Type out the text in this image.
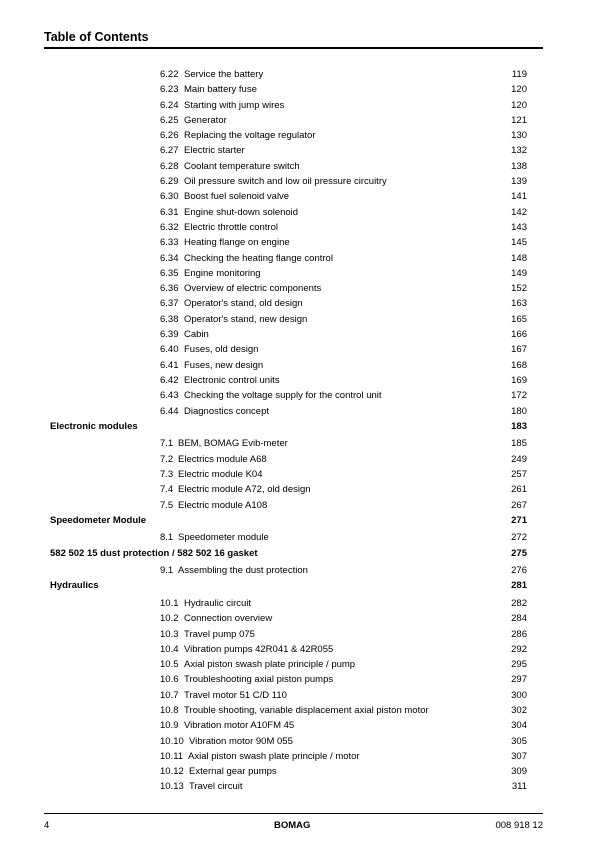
Table of Contents
6.22 Service the battery	119
6.23 Main battery fuse	120
6.24 Starting with jump wires	120
6.25 Generator	121
6.26 Replacing the voltage regulator	130
6.27 Electric starter	132
6.28 Coolant temperature switch	138
6.29 Oil pressure switch and low oil pressure circuitry	139
6.30 Boost fuel solenoid valve	141
6.31 Engine shut-down solenoid	142
6.32 Electric throttle control	143
6.33 Heating flange on engine	145
6.34 Checking the heating flange control	148
6.35 Engine monitoring	149
6.36 Overview of electric components	152
6.37 Operator's stand, old design	163
6.38 Operator's stand, new design	165
6.39 Cabin	166
6.40 Fuses, old design	167
6.41 Fuses, new design	168
6.42 Electronic control units	169
6.43 Checking the voltage supply for the control unit	172
6.44 Diagnostics concept	180
Electronic modules	183
7.1 BEM, BOMAG Evib-meter	185
7.2 Electrics module A68	249
7.3 Electric module K04	257
7.4 Electric module A72, old design	261
7.5 Electric module A108	267
Speedometer Module	271
8.1 Speedometer module	272
582 502 15 dust protection / 582 502 16 gasket	275
9.1 Assembling the dust protection	276
Hydraulics	281
10.1 Hydraulic circuit	282
10.2 Connection overview	284
10.3 Travel pump 075	286
10.4 Vibration pumps 42R041 & 42R055	292
10.5 Axial piston swash plate principle / pump	295
10.6 Troubleshooting axial piston pumps	297
10.7 Travel motor 51 C/D 110	300
10.8 Trouble shooting, variable displacement axial piston motor	302
10.9 Vibration motor A10FM 45	304
10.10 Vibration motor 90M 055	305
10.11 Axial piston swash plate principle / motor	307
10.12 External gear pumps	309
10.13 Travel circuit	311
4	BOMAG	008 918 12
